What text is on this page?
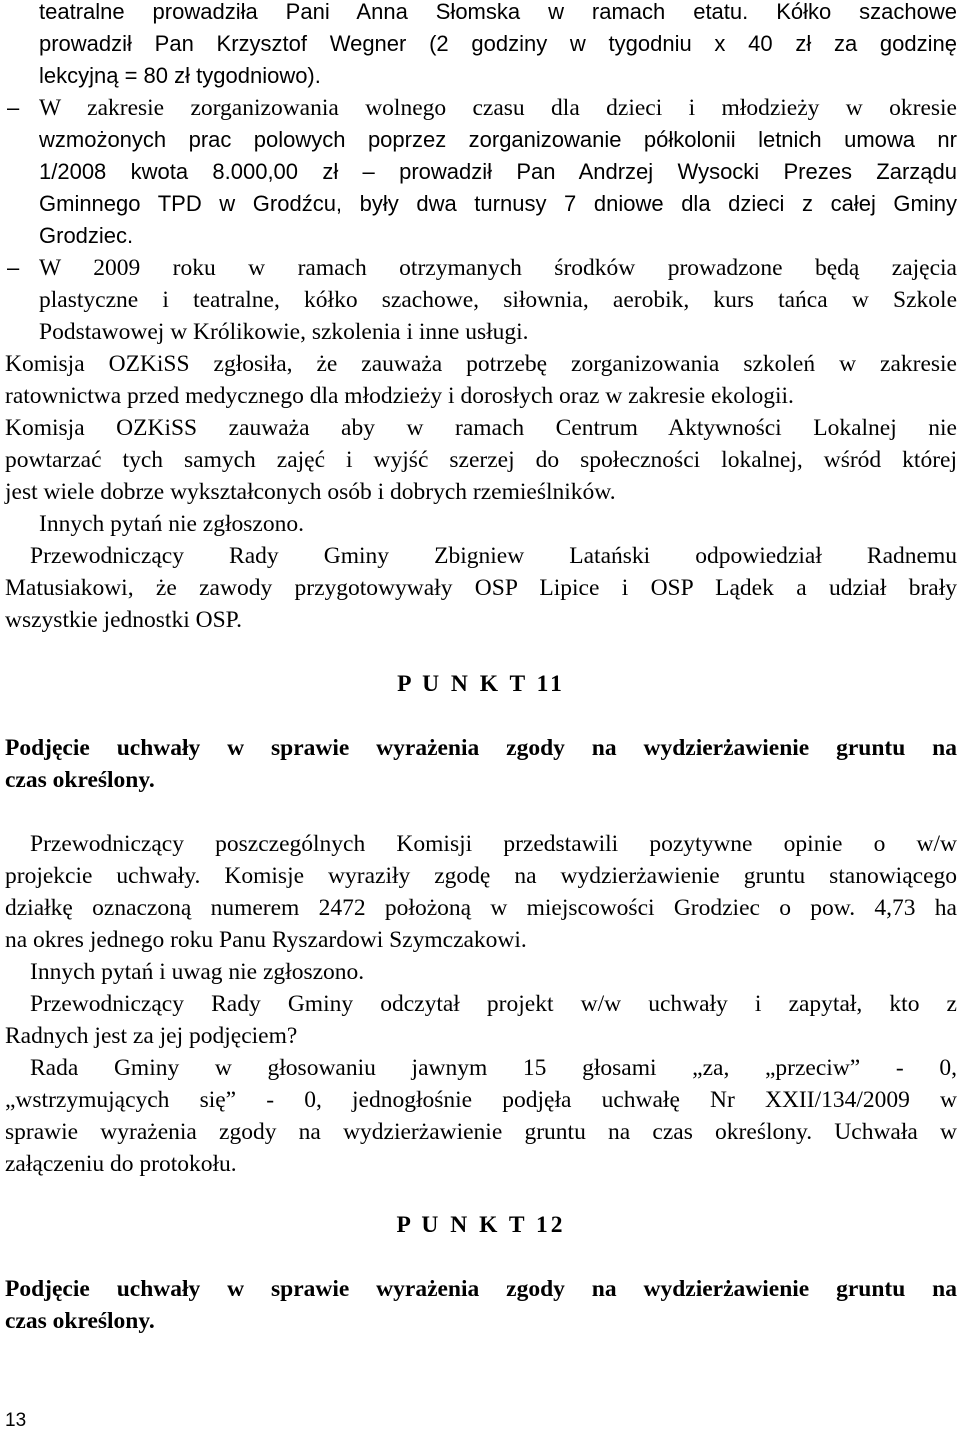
teatralne prowadziła Pani Anna Słomska w ramach etatu. Kółko szachowe
prowadził Pan Krzysztof Wegner (2 godziny w tygodniu x 40 zł za godzinę
lekcyjną = 80 zł tygodniowo).
– W zakresie zorganizowania wolnego czasu dla dzieci i młodzieży w okresie
wzmożonych prac polowych poprzez zorganizowanie półkolonii letnich umowa nr
1/2008 kwota 8.000,00 zł – prowadził Pan Andrzej Wysocki Prezes Zarządu
Gminnego TPD w Grodźcu, były dwa turnusy 7 dniowe dla dzieci z całej Gminy
Grodziec.
– W 2009 roku w ramach otrzymanych środków prowadzone będą zajęcia
plastyczne i teatralne, kółko szachowe, siłownia, aerobik, kurs tańca w Szkole
Podstawowej w Królikowie, szkolenia i inne usługi.
Komisja OZKiSS zgłosiła, że zauważa potrzebę zorganizowania szkoleń w zakresie
ratownictwa przed medycznego dla młodzieży i dorosłych oraz w zakresie ekologii.
Komisja OZKiSS zauważa aby w ramach Centrum Aktywności Lokalnej nie
powtarzać tych samych zajęć i wyjść szerzej do społeczności lokalnej, wśród której
jest wiele dobrze wykształconych osób i dobrych rzemieślników.
Innych pytań nie zgłoszono.
Przewodniczący Rady Gminy Zbigniew Latański odpowiedział Radnemu
Matusiakowi, że zawody przygotowywały OSP Lipice i OSP Lądek a udział brały
wszystkie jednostki OSP.
P U N K T 11
Podjęcie uchwały w sprawie wyrażenia zgody na wydzierżawienie gruntu na
czas określony.
Przewodniczący poszczególnych Komisji przedstawili pozytywne opinie o w/w
projekcie uchwały. Komisje wyraziły zgodę na wydzierżawienie gruntu stanowiącego
działkę oznaczoną numerem 2472 położoną w miejscowości Grodziec o pow. 4,73 ha
na okres jednego roku Panu Ryszardowi Szymczakowi.
Innych pytań i uwag nie zgłoszono.
Przewodniczący Rady Gminy odczytał projekt w/w uchwały i zapytał, kto z
Radnych jest za jej podjęciem?
Rada Gminy w głosowaniu jawnym 15 głosami „za, „przeciw” - 0,
„wstrzymujących się” - 0, jednogłośnie podjęła uchwałę Nr XXII/134/2009 w
sprawie wyrażenia zgody na wydzierżawienie gruntu na czas określony. Uchwała w
załączeniu do protokołu.
P U N K T 12
Podjęcie uchwały w sprawie wyrażenia zgody na wydzierżawienie gruntu na
czas określony.
13
